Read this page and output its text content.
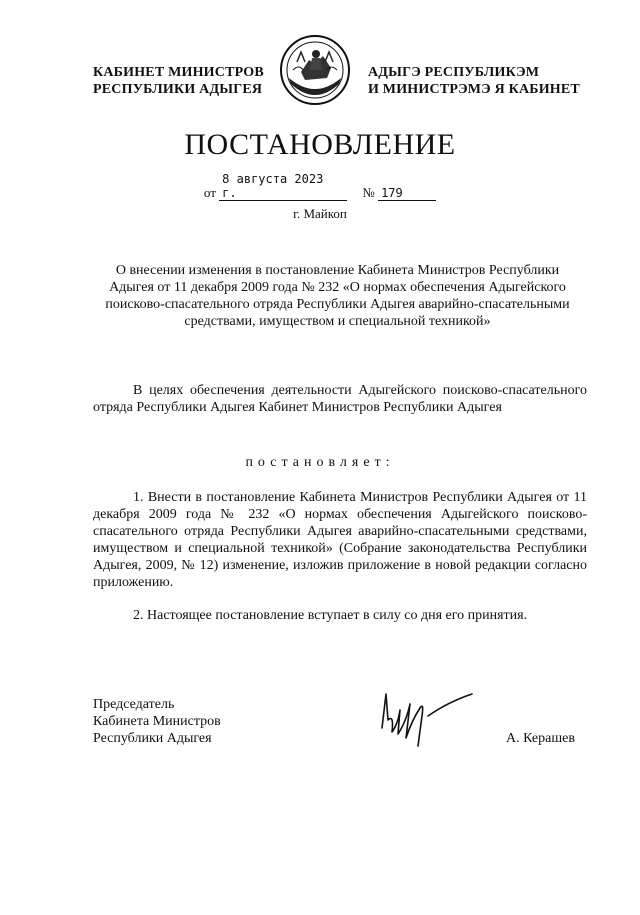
КАБИНЕТ МИНИСТРОВ
РЕСПУБЛИКИ АДЫГЕЯ
АДЫГЭ РЕСПУБЛИКЭМ
И МИНИСТРЭМЭ Я КАБИНЕТ
ПОСТАНОВЛЕНИЕ
от 8 августа 2023 г.	№ 179
г. Майкоп
О внесении изменения в постановление Кабинета Министров Республики Адыгея от 11 декабря 2009 года № 232 «О нормах обеспечения Адыгейского поисково-спасательного отряда Республики Адыгея аварийно-спасательными средствами, имуществом и специальной техникой»
В целях обеспечения деятельности Адыгейского поисково-спасательного отряда Республики Адыгея Кабинет Министров Республики Адыгея
постановляет:
1. Внести в постановление Кабинета Министров Республики Адыгея от 11 декабря 2009 года № 232 «О нормах обеспечения Адыгейского поисково-спасательного отряда Республики Адыгея аварийно-спасательными средствами, имуществом и специальной техникой» (Собрание законодательства Республики Адыгея, 2009, № 12) изменение, изложив приложение в новой редакции согласно приложению.
2. Настоящее постановление вступает в силу со дня его принятия.
Председатель
Кабинета Министров
Республики Адыгея	А. Керашев
